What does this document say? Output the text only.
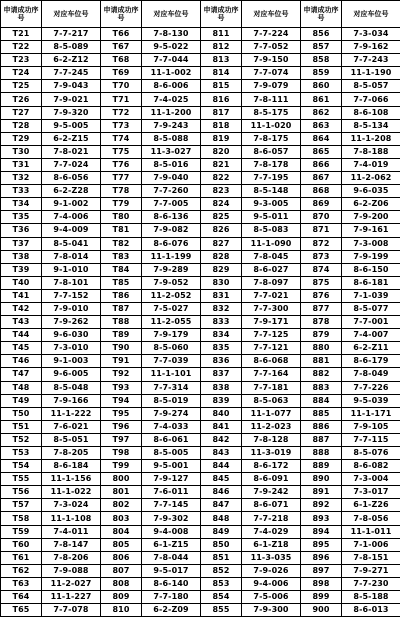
申请成功序号	对应车位号	申请成功序号	对应车位号	申请成功序号	对应车位号	申请成功序号	对应车位号
T21	7-7-217	T66	7-8-130	811	7-7-224	856	7-3-034
T22	8-5-089	T67	9-5-022	812	7-7-052	857	7-9-162
T23	6-2-Z12	T68	7-7-044	813	7-9-150	858	7-7-243
T24	7-7-245	T69	11-1-002	814	7-7-074	859	11-1-190
T25	7-9-043	T70	8-6-006	815	7-9-079	860	8-5-057
T26	7-9-021	T71	7-4-025	816	7-8-111	861	7-7-066
T27	7-9-320	T72	11-1-200	817	8-5-175	862	8-6-108
T28	9-5-005	T73	7-9-243	818	11-1-020	863	8-5-134
T29	6-2-Z15	T74	8-5-088	819	7-8-175	864	11-1-208
T30	7-8-021	T75	11-3-027	820	8-6-057	865	7-8-188
T31	7-7-024	T76	8-5-016	821	7-8-178	866	7-4-019
T32	8-6-056	T77	7-9-040	822	7-7-195	867	11-2-062
T33	6-2-Z28	T78	7-7-260	823	8-5-148	868	9-6-035
T34	9-1-002	T79	7-7-005	824	9-3-005	869	6-2-Z06
T35	7-4-006	T80	8-6-136	825	9-5-011	870	7-9-200
T36	9-4-009	T81	7-9-082	826	8-5-083	871	7-9-161
T37	8-5-041	T82	8-6-076	827	11-1-090	872	7-3-008
T38	7-8-014	T83	11-1-199	828	7-8-045	873	7-9-199
T39	9-1-010	T84	7-9-289	829	8-6-027	874	8-6-150
T40	7-8-101	T85	7-9-052	830	7-8-097	875	8-6-181
T41	7-7-152	T86	11-2-052	831	7-7-021	876	7-1-039
T42	7-9-010	T87	7-5-027	832	7-7-300	877	8-5-077
T43	7-9-262	T88	11-2-055	833	7-9-171	878	7-7-001
T44	9-6-030	T89	7-9-179	834	7-7-125	879	7-4-007
T45	7-3-010	T90	8-5-060	835	7-7-121	880	6-2-Z11
T46	9-1-003	T91	7-7-039	836	8-6-068	881	8-6-179
T47	9-6-005	T92	11-1-101	837	7-7-164	882	7-8-049
T48	8-5-048	T93	7-7-314	838	7-7-181	883	7-7-226
T49	7-9-166	T94	8-5-019	839	8-5-063	884	9-5-039
T50	11-1-222	T95	7-9-274	840	11-1-077	885	11-1-171
T51	7-6-021	T96	7-4-033	841	11-2-023	886	7-9-105
T52	8-5-051	T97	8-6-061	842	7-8-128	887	7-7-115
T53	7-8-205	T98	8-5-005	843	11-3-019	888	8-5-076
T54	8-6-184	T99	9-5-001	844	8-6-172	889	8-6-082
T55	11-1-156	800	7-9-127	845	8-6-091	890	7-3-004
T56	11-1-022	801	7-6-011	846	7-9-242	891	7-3-017
T57	7-3-024	802	7-7-145	847	8-6-071	892	6-1-Z26
T58	11-1-108	803	7-9-302	848	7-7-218	893	7-8-056
T59	7-4-011	804	9-4-008	849	7-4-029	894	11-1-011
T60	7-8-147	805	6-1-Z15	850	6-1-Z18	895	7-1-006
T61	7-8-206	806	7-8-044	851	11-3-035	896	7-8-151
T62	7-9-088	807	9-5-017	852	7-9-026	897	7-9-271
T63	11-2-027	808	8-6-140	853	9-4-006	898	7-7-230
T64	11-1-227	809	7-7-180	854	7-5-006	899	8-5-188
T65	7-7-078	810	6-2-Z09	855	7-9-300	900	8-6-013
